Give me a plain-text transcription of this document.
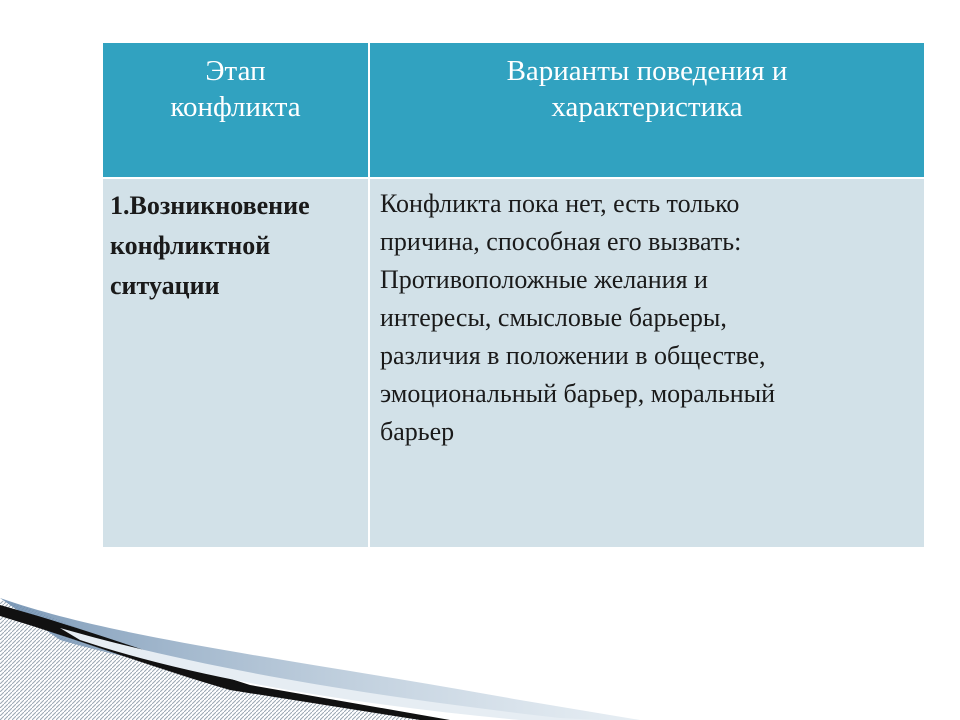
Этап
конфликта
Варианты поведения и
характеристика
1.Возникновение
конфликтной
ситуации
Конфликта пока нет, есть только
причина, способная его вызвать:
Противоположные желания и
интересы, смысловые барьеры,
различия в положении в обществе,
эмоциональный барьер, моральный
барьер
